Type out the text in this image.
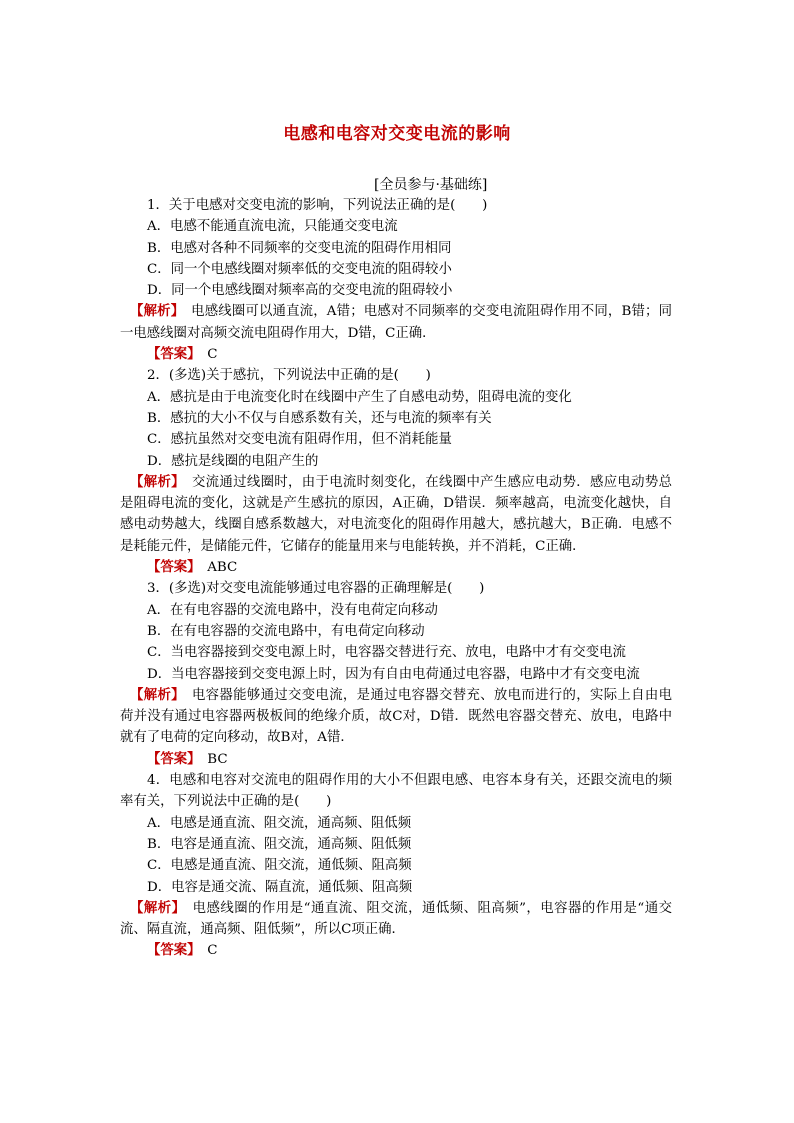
电感和电容对交变电流的影响
[全员参与·基础练]

1．关于电感对交变电流的影响，下列说法正确的是(　　)

A．电感不能通直流电流，只能通交变电流

B．电感对各种不同频率的交变电流的阻碍作用相同

C．同一个电感线圈对频率低的交变电流的阻碍较小

D．同一个电感线圈对频率高的交变电流的阻碍较小

【解析】　 电感线圈可以通直流，A错；电感对不同频率的交变电流阻碍作用不同，B错；同一电感线圈对高频交流电阻碍作用大，D错，C正确．

【答案】　 C

2．(多选)关于感抗，下列说法中正确的是(　　)

A．感抗是由于电流变化时在线圈中产生了自感电动势，阻碍电流的变化

B．感抗的大小不仅与自感系数有关，还与电流的频率有关

C．感抗虽然对交变电流有阻碍作用，但不消耗能量

D．感抗是线圈的电阻产生的

【解析】　 交流通过线圈时，由于电流时刻变化，在线圈中产生感应电动势．感应电动势总是阻碍电流的变化，这就是产生感抗的原因，A正确，D错误．频率越高，电流变化越快，自感电动势越大，线圈自感系数越大，对电流变化的阻碍作用越大，感抗越大，B正确．电感不是耗能元件，是储能元件，它储存的能量用来与电能转换，并不消耗，C正确．

【答案】　 ABC

3．(多选)对交变电流能够通过电容器的正确理解是(　　)

A．在有电容器的交流电路中，没有电荷定向移动

B．在有电容器的交流电路中，有电荷定向移动

C．当电容器接到交变电源上时，电容器交替进行充、放电，电路中才有交变电流

D．当电容器接到交变电源上时，因为有自由电荷通过电容器，电路中才有交变电流

【解析】　 电容器能够通过交变电流，是通过电容器交替充、放电而进行的，实际上自由电荷并没有通过电容器两极板间的绝缘介质，故C对，D错．既然电容器交替充、放电，电路中就有了电荷的定向移动，故B对，A错．

【答案】　 BC

4．电感和电容对交流电的阻碍作用的大小不但跟电感、电容本身有关，还跟交流电的频率有关，下列说法中正确的是(　　)

A．电感是通直流、阻交流，通高频、阻低频

B．电容是通直流、阻交流，通高频、阻低频

C．电感是通直流、阻交流，通低频、阻高频

D．电容是通交流、隔直流，通低频、阻高频

【解析】　 电感线圈的作用是“通直流、阻交流，通低频、阻高频”，电容器的作用是“通交流、隔直流，通高频、阻低频”，所以C项正确．

【答案】　 C
